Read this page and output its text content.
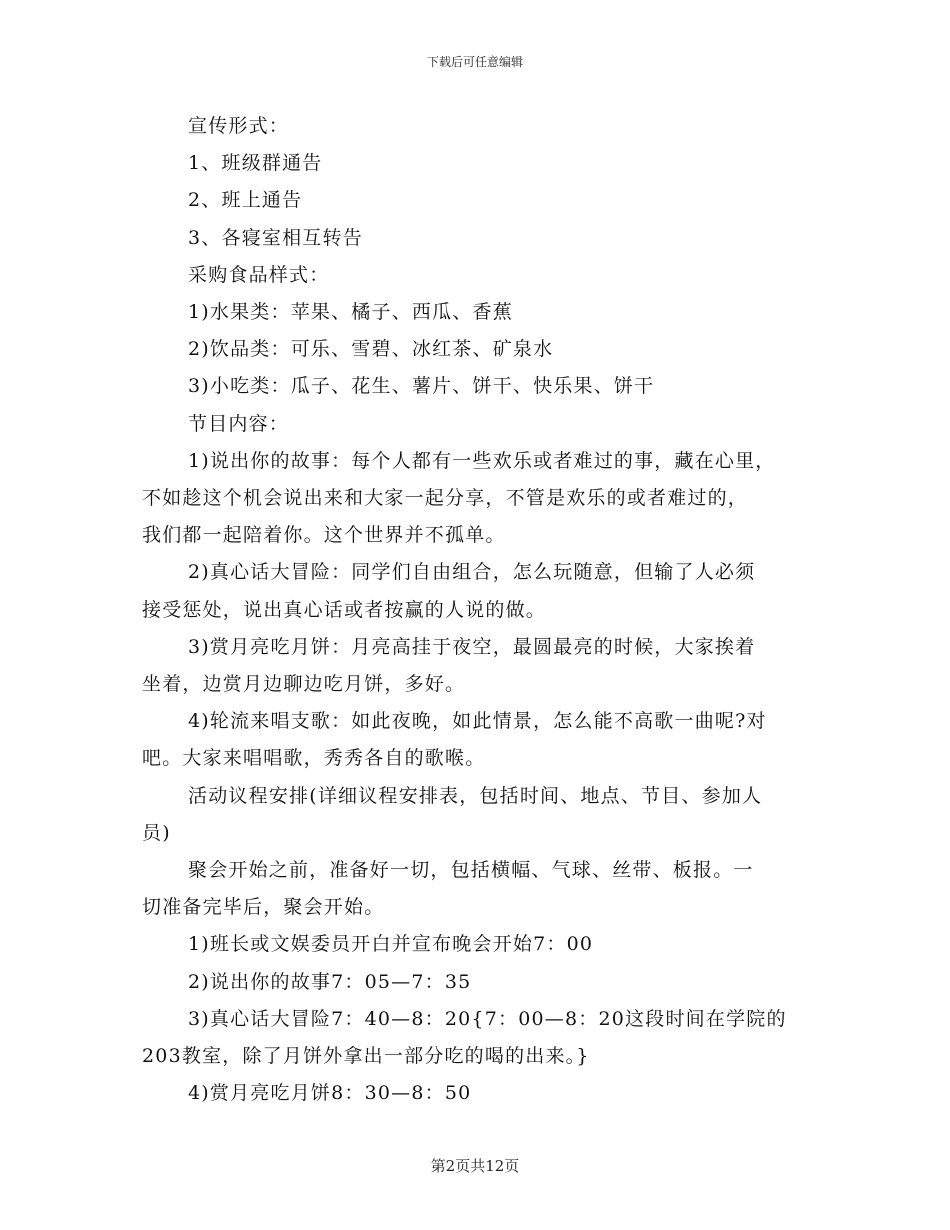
下载后可任意编辑

宣传形式：

1、班级群通告

2、班上通告

3、各寝室相互转告

采购食品样式：

1)水果类：苹果、橘子、西瓜、香蕉

2)饮品类：可乐、雪碧、冰红茶、矿泉水

3)小吃类：瓜子、花生、薯片、饼干、快乐果、饼干

节目内容：

1)说出你的故事：每个人都有一些欢乐或者难过的事，藏在心里，

不如趁这个机会说出来和大家一起分享，不管是欢乐的或者难过的，

我们都一起陪着你。这个世界并不孤单。

2)真心话大冒险：同学们自由组合，怎么玩随意，但输了人必须

接受惩处，说出真心话或者按赢的人说的做。

3)赏月亮吃月饼：月亮高挂于夜空，最圆最亮的时候，大家挨着

坐着，边赏月边聊边吃月饼，多好。

4)轮流来唱支歌：如此夜晚，如此情景，怎么能不高歌一曲呢?对

吧。大家来唱唱歌，秀秀各自的歌喉。

活动议程安排(详细议程安排表，包括时间、地点、节目、参加人

员)

聚会开始之前，准备好一切，包括横幅、气球、丝带、板报。一

切准备完毕后，聚会开始。

1)班长或文娱委员开白并宣布晚会开始7：00

2)说出你的故事7：05—7：35

3)真心话大冒险7：40—8：20{7：00—8：20这段时间在学院的

203教室，除了月饼外拿出一部分吃的喝的出来。}

4)赏月亮吃月饼8：30—8：50

第2页共12页
